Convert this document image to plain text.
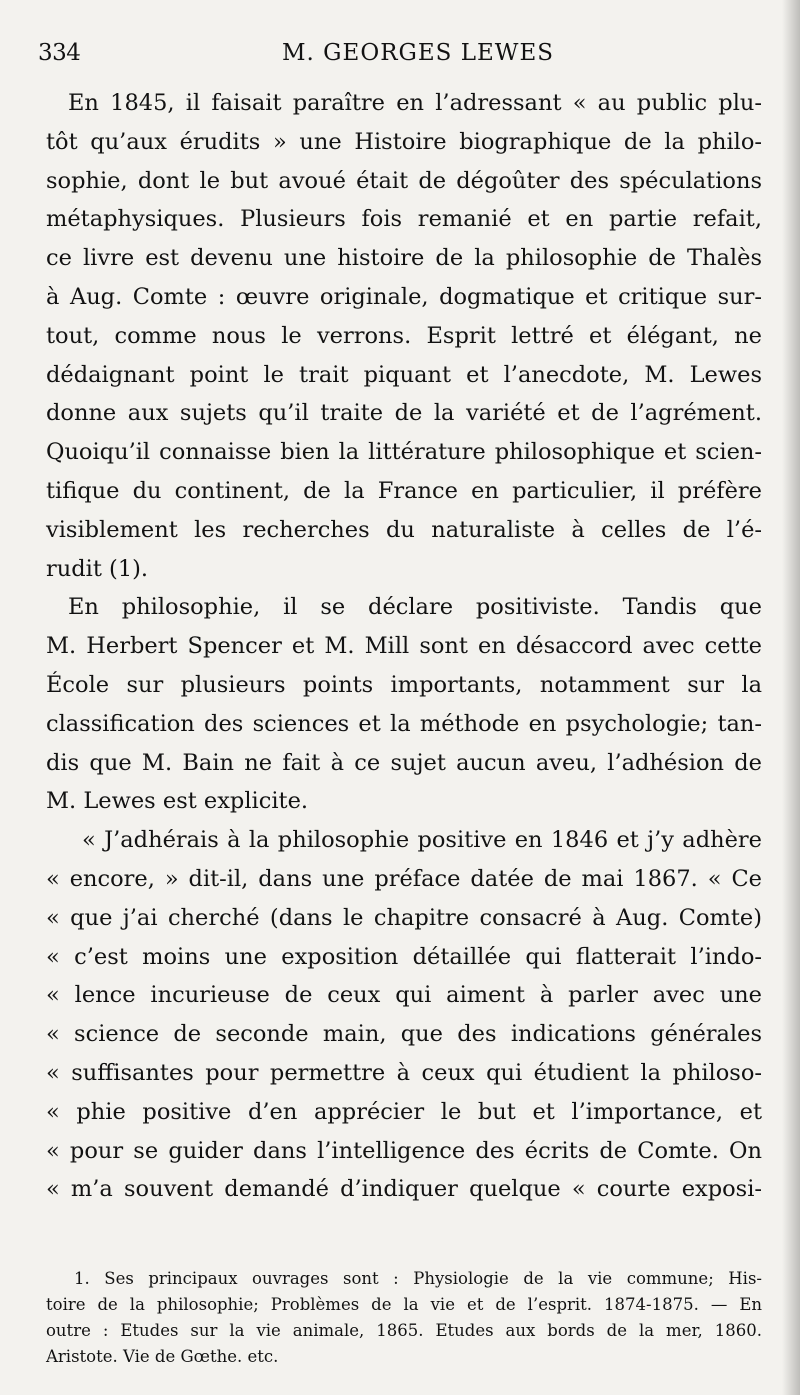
334	M. GEORGES LEWES
En 1845, il faisait paraître en l’adressant « au public plu-
tôt qu’aux érudits » une Histoire biographique de la philo-
sophie, dont le but avoué était de dégoûter des spéculations
métaphysiques. Plusieurs fois remanié et en partie refait,
ce livre est devenu une histoire de la philosophie de Thalès
à Aug. Comte : œuvre originale, dogmatique et critique sur-
tout, comme nous le verrons. Esprit lettré et élégant, ne
dédaignant point le trait piquant et l’anecdote, M. Lewes
donne aux sujets qu’il traite de la variété et de l’agrément.
Quoiqu’il connaisse bien la littérature philosophique et scien-
tifique du continent, de la France en particulier, il préfère
visiblement les recherches du naturaliste à celles de l’é-
rudit (1).
En philosophie, il se déclare positiviste. Tandis que
M. Herbert Spencer et M. Mill sont en désaccord avec cette
École sur plusieurs points importants, notamment sur la
classification des sciences et la méthode en psychologie; tan-
dis que M. Bain ne fait à ce sujet aucun aveu, l’adhésion de
M. Lewes est explicite.
« J’adhérais à la philosophie positive en 1846 et j’y adhère
« encore, » dit-il, dans une préface datée de mai 1867. « Ce
« que j’ai cherché (dans le chapitre consacré à Aug. Comte)
« c’est moins une exposition détaillée qui flatterait l’indo-
« lence incurieuse de ceux qui aiment à parler avec une
« science de seconde main, que des indications générales
« suffisantes pour permettre à ceux qui étudient la philoso-
« phie positive d’en apprécier le but et l’importance, et
« pour se guider dans l’intelligence des écrits de Comte. On
« m’a souvent demandé d’indiquer quelque « courte exposi-
1. Ses principaux ouvrages sont : Physiologie de la vie commune; His-
toire de la philosophie; Problèmes de la vie et de l’esprit. 1874-1875. — En
outre : Etudes sur la vie animale, 1865. Etudes aux bords de la mer, 1860.
Aristote. Vie de Gœthe. etc.
